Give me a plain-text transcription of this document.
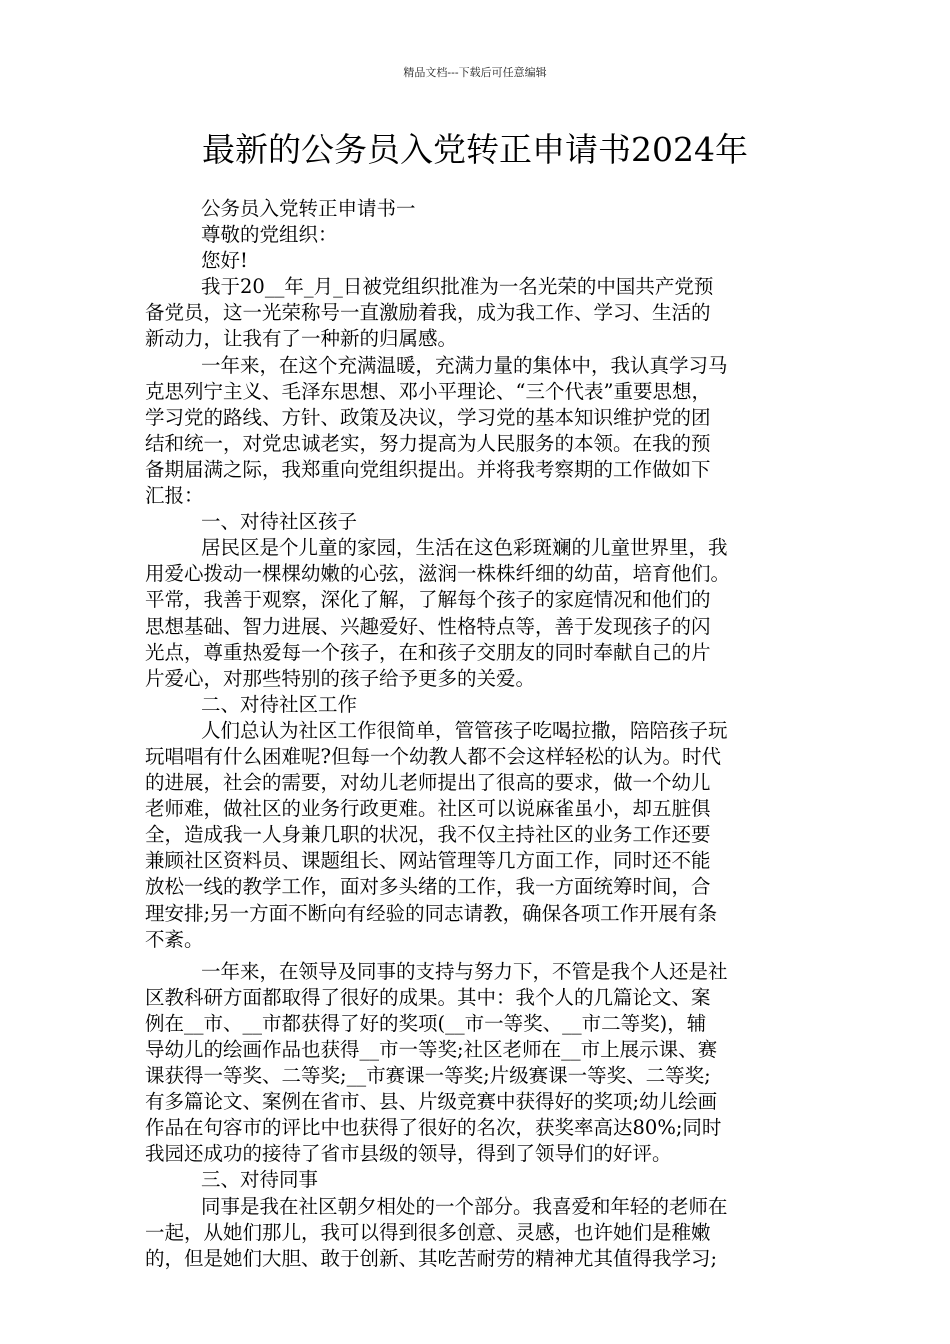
精品文档---下载后可任意编辑
最新的公务员入党转正申请书2024年
公务员入党转正申请书一
尊敬的党组织：
您好!
我于20__年_月_日被党组织批准为一名光荣的中国共产党预
备党员，这一光荣称号一直激励着我，成为我工作、学习、生活的
新动力，让我有了一种新的归属感。
一年来，在这个充满温暖，充满力量的集体中，我认真学习马
克思列宁主义、毛泽东思想、邓小平理论、“三个代表”重要思想，
学习党的路线、方针、政策及决议，学习党的基本知识维护党的团
结和统一，对党忠诚老实，努力提高为人民服务的本领。在我的预
备期届满之际，我郑重向党组织提出。并将我考察期的工作做如下
汇报：
一、对待社区孩子
居民区是个儿童的家园，生活在这色彩斑斓的儿童世界里，我
用爱心拨动一棵棵幼嫩的心弦，滋润一株株纤细的幼苗，培育他们。
平常，我善于观察，深化了解，了解每个孩子的家庭情况和他们的
思想基础、智力进展、兴趣爱好、性格特点等，善于发现孩子的闪
光点，尊重热爱每一个孩子，在和孩子交朋友的同时奉献自己的片
片爱心，对那些特别的孩子给予更多的关爱。
二、对待社区工作
人们总认为社区工作很简单，管管孩子吃喝拉撒，陪陪孩子玩
玩唱唱有什么困难呢?但每一个幼教人都不会这样轻松的认为。时代
的进展，社会的需要，对幼儿老师提出了很高的要求，做一个幼儿
老师难，做社区的业务行政更难。社区可以说麻雀虽小，却五脏俱
全，造成我一人身兼几职的状况，我不仅主持社区的业务工作还要
兼顾社区资料员、课题组长、网站管理等几方面工作，同时还不能
放松一线的教学工作，面对多头绪的工作，我一方面统筹时间，合
理安排;另一方面不断向有经验的同志请教，确保各项工作开展有条
不紊。
一年来，在领导及同事的支持与努力下，不管是我个人还是社
区教科研方面都取得了很好的成果。其中：我个人的几篇论文、案
例在__市、__市都获得了好的奖项(__市一等奖、__市二等奖)，辅
导幼儿的绘画作品也获得__市一等奖;社区老师在__市上展示课、赛
课获得一等奖、二等奖;__市赛课一等奖;片级赛课一等奖、二等奖;
有多篇论文、案例在省市、县、片级竞赛中获得好的奖项;幼儿绘画
作品在句容市的评比中也获得了很好的名次，获奖率高达80%;同时
我园还成功的接待了省市县级的领导，得到了领导们的好评。
三、对待同事
同事是我在社区朝夕相处的一个部分。我喜爱和年轻的老师在
一起，从她们那儿，我可以得到很多创意、灵感，也许她们是稚嫩
的，但是她们大胆、敢于创新、其吃苦耐劳的精神尤其值得我学习;
